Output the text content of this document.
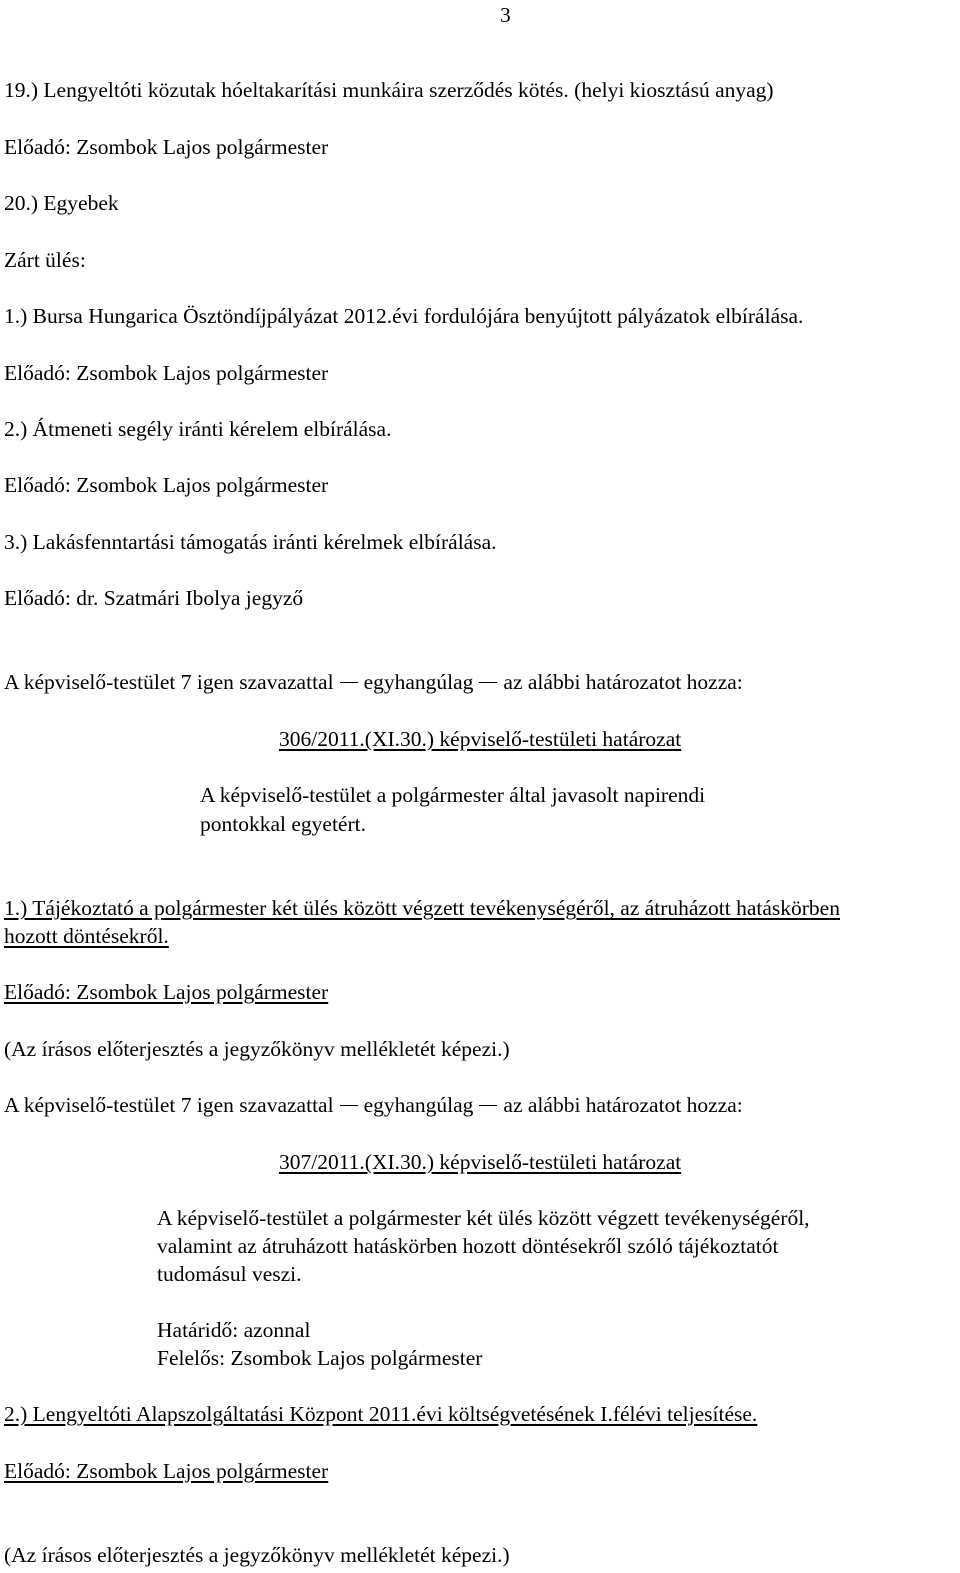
3
19.) Lengyeltóti közutak hóeltakarítási munkáira szerződés kötés. (helyi kiosztású anyag)
Előadó: Zsombok Lajos polgármester
20.) Egyebek
Zárt ülés:
1.) Bursa Hungarica Ösztöndíjpályázat 2012.évi fordulójára benyújtott pályázatok elbírálása.
Előadó: Zsombok Lajos polgármester
2.) Átmeneti segély iránti kérelem elbírálása.
Előadó: Zsombok Lajos polgármester
3.) Lakásfenntartási támogatás iránti kérelmek elbírálása.
Előadó: dr. Szatmári Ibolya jegyző
A képviselő-testület 7 igen szavazattal egyhangúlag az alábbi határozatot hozza:
306/2011.(XI.30.) képviselő-testületi határozat
A képviselő-testület a polgármester által javasolt napirendi
pontokkal egyetért.
1.) Tájékoztató a polgármester két ülés között végzett tevékenységéről, az átruházott hatáskörben
hozott döntésekről.
Előadó: Zsombok Lajos polgármester
(Az írásos előterjesztés a jegyzőkönyv mellékletét képezi.)
A képviselő-testület 7 igen szavazattal egyhangúlag az alábbi határozatot hozza:
307/2011.(XI.30.) képviselő-testületi határozat
A képviselő-testület a polgármester két ülés között végzett tevékenységéről,
valamint az átruházott hatáskörben hozott döntésekről szóló tájékoztatót
tudomásul veszi.
Határidő: azonnal
Felelős: Zsombok Lajos polgármester
2.) Lengyeltóti Alapszolgáltatási Központ 2011.évi költségvetésének I.félévi teljesítése.
Előadó: Zsombok Lajos polgármester
(Az írásos előterjesztés a jegyzőkönyv mellékletét képezi.)
